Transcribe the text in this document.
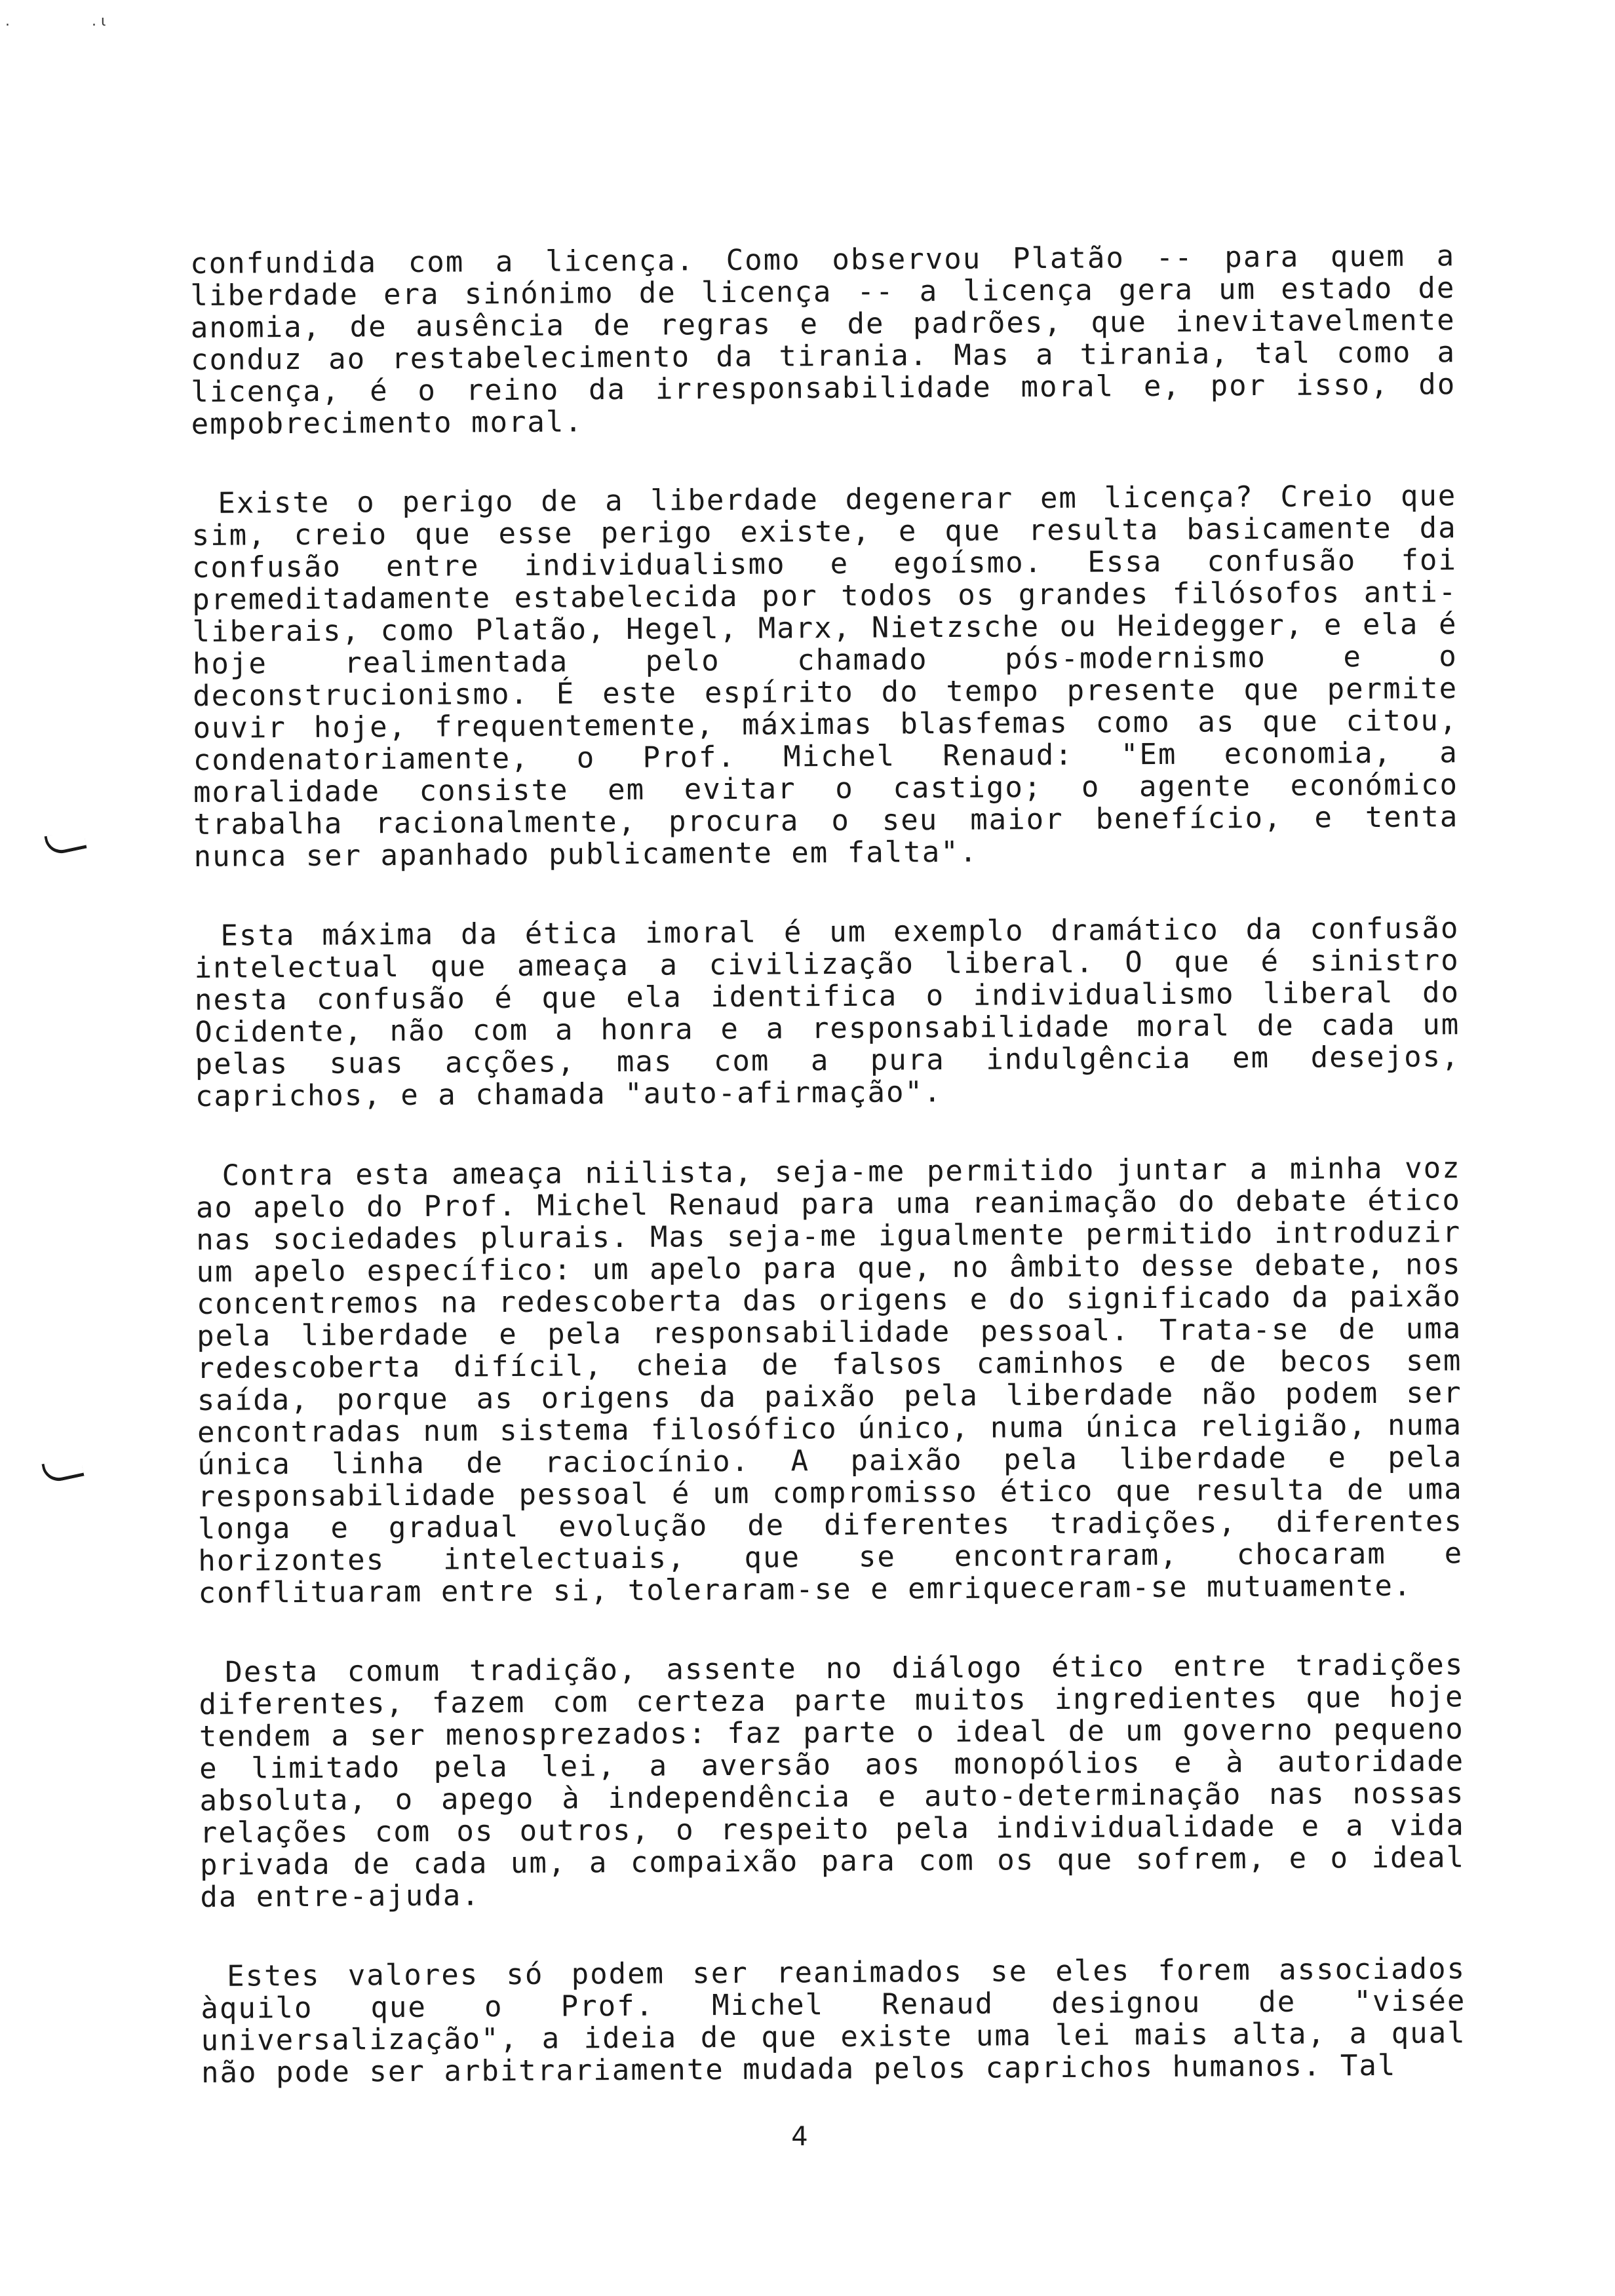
.	. ι

confundida com a licença. Como observou Platão -- para quem a liberdade era sinónimo de licença -- a licença gera um estado de anomia, de ausência de regras e de padrões, que inevitavelmente conduz ao restabelecimento da tirania. Mas a tirania, tal como a licença, é o reino da irresponsabilidade moral e, por isso, do empobrecimento moral.

Existe o perigo de a liberdade degenerar em licença? Creio que sim, creio que esse perigo existe, e que resulta basicamente da confusão entre individualismo e egoísmo. Essa confusão foi premeditadamente estabelecida por todos os grandes filósofos anti-liberais, como Platão, Hegel, Marx, Nietzsche ou Heidegger, e ela é hoje realimentada pelo chamado pós-modernismo e o deconstrucionismo. É este espírito do tempo presente que permite ouvir hoje, frequentemente, máximas blasfemas como as que citou, condenatoriamente, o Prof. Michel Renaud: "Em economia, a moralidade consiste em evitar o castigo; o agente económico trabalha racionalmente, procura o seu maior benefício, e tenta nunca ser apanhado publicamente em falta".

Esta máxima da ética imoral é um exemplo dramático da confusão intelectual que ameaça a civilização liberal. O que é sinistro nesta confusão é que ela identifica o individualismo liberal do Ocidente, não com a honra e a responsabilidade moral de cada um pelas suas acções, mas com a pura indulgência em desejos, caprichos, e a chamada "auto-afirmação".

Contra esta ameaça niilista, seja-me permitido juntar a minha voz ao apelo do Prof. Michel Renaud para uma reanimação do debate ético nas sociedades plurais. Mas seja-me igualmente permitido introduzir um apelo específico: um apelo para que, no âmbito desse debate, nos concentremos na redescoberta das origens e do significado da paixão pela liberdade e pela responsabilidade pessoal. Trata-se de uma redescoberta difícil, cheia de falsos caminhos e de becos sem saída, porque as origens da paixão pela liberdade não podem ser encontradas num sistema filosófico único, numa única religião, numa única linha de raciocínio. A paixão pela liberdade e pela responsabilidade pessoal é um compromisso ético que resulta de uma longa e gradual evolução de diferentes tradições, diferentes horizontes intelectuais, que se encontraram, chocaram e conflituaram entre si, toleraram-se e emriqueceram-se mutuamente.

Desta comum tradição, assente no diálogo ético entre tradições diferentes, fazem com certeza parte muitos ingredientes que hoje tendem a ser menosprezados: faz parte o ideal de um governo pequeno e limitado pela lei, a aversão aos monopólios e à autoridade absoluta, o apego à independência e auto-determinação nas nossas relações com os outros, o respeito pela individualidade e a vida privada de cada um, a compaixão para com os que sofrem, e o ideal da entre-ajuda.

Estes valores só podem ser reanimados se eles forem associados àquilo que o Prof. Michel Renaud designou de "visée universalização", a ideia de que existe uma lei mais alta, a qual não pode ser arbitrariamente mudada pelos caprichos humanos. Tal

4
